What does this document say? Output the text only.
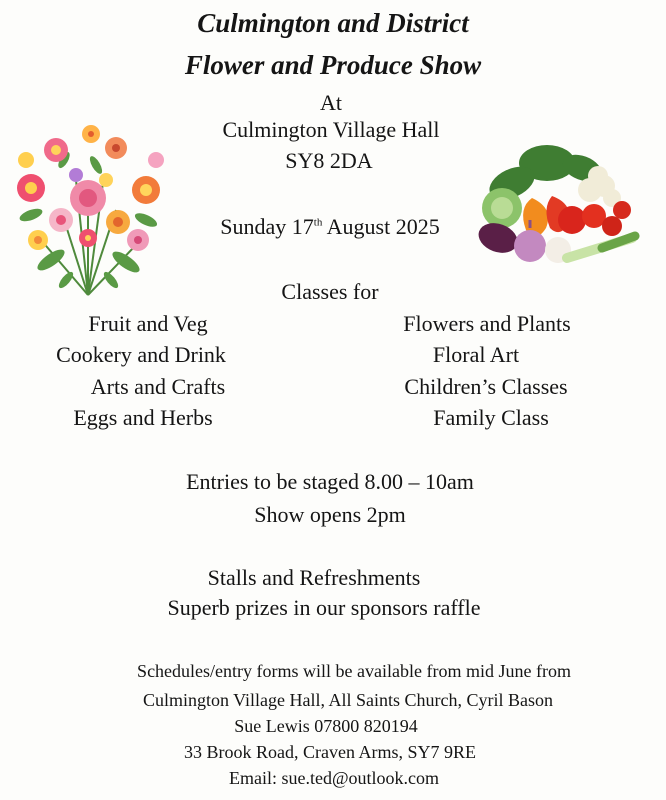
Culmington and District
Flower and Produce Show
At
Culmington Village Hall
SY8 2DA
Sunday 17th August 2025
Classes for
Fruit and Veg
Cookery and Drink
Arts and Crafts
Eggs and Herbs
Flowers and Plants
Floral Art
Children’s Classes
Family Class
Entries to be staged 8.00 – 10am
Show opens 2pm
Stalls and Refreshments
Superb prizes in our sponsors raffle
Schedules/entry forms will be available from mid June from
Culmington Village Hall, All Saints Church, Cyril Bason
Sue Lewis 07800 820194
33 Brook Road, Craven Arms, SY7 9RE
Email: sue.ted@outlook.com
